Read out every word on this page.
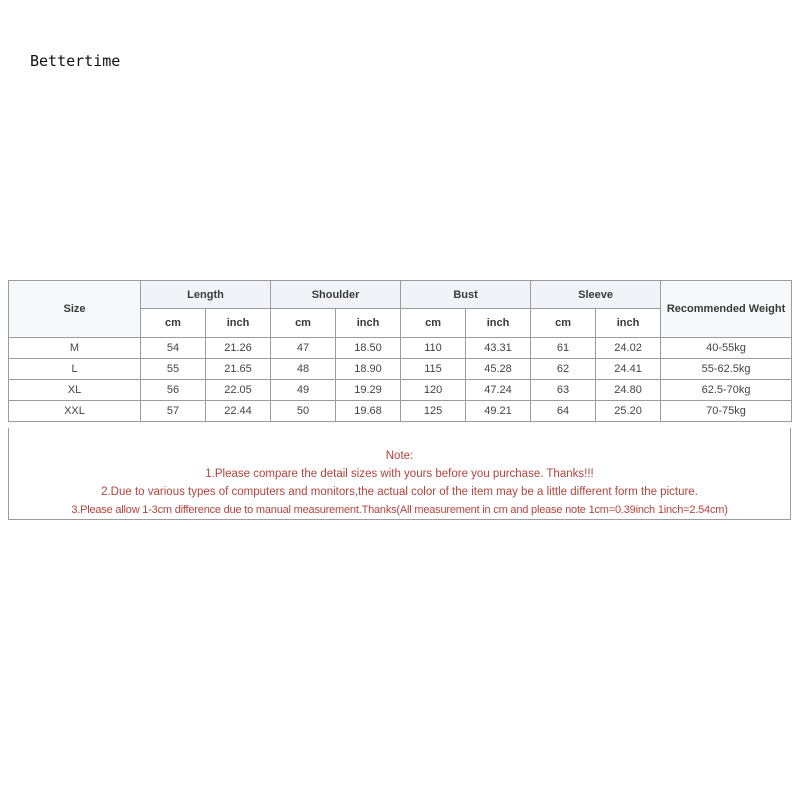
Bettertime
Size	Length		Shoulder		Bust		Sleeve		Recommended Weight
	cm	inch	cm	inch	cm	inch	cm	inch	
M	54	21.26	47	18.50	110	43.31	61	24.02	40-55kg
L	55	21.65	48	18.90	115	45.28	62	24.41	55-62.5kg
XL	56	22.05	49	19.29	120	47.24	63	24.80	62.5-70kg
XXL	57	22.44	50	19.68	125	49.21	64	25.20	70-75kg
Note:
1.Please compare the detail sizes with yours before you purchase. Thanks!!!
2.Due to various types of computers and monitors,the actual color of the item may be a little different form the picture.
3.Please allow 1-3cm difference due to manual measurement.Thanks(All measurement in cm and please note 1cm=0.39inch 1inch=2.54cm)
